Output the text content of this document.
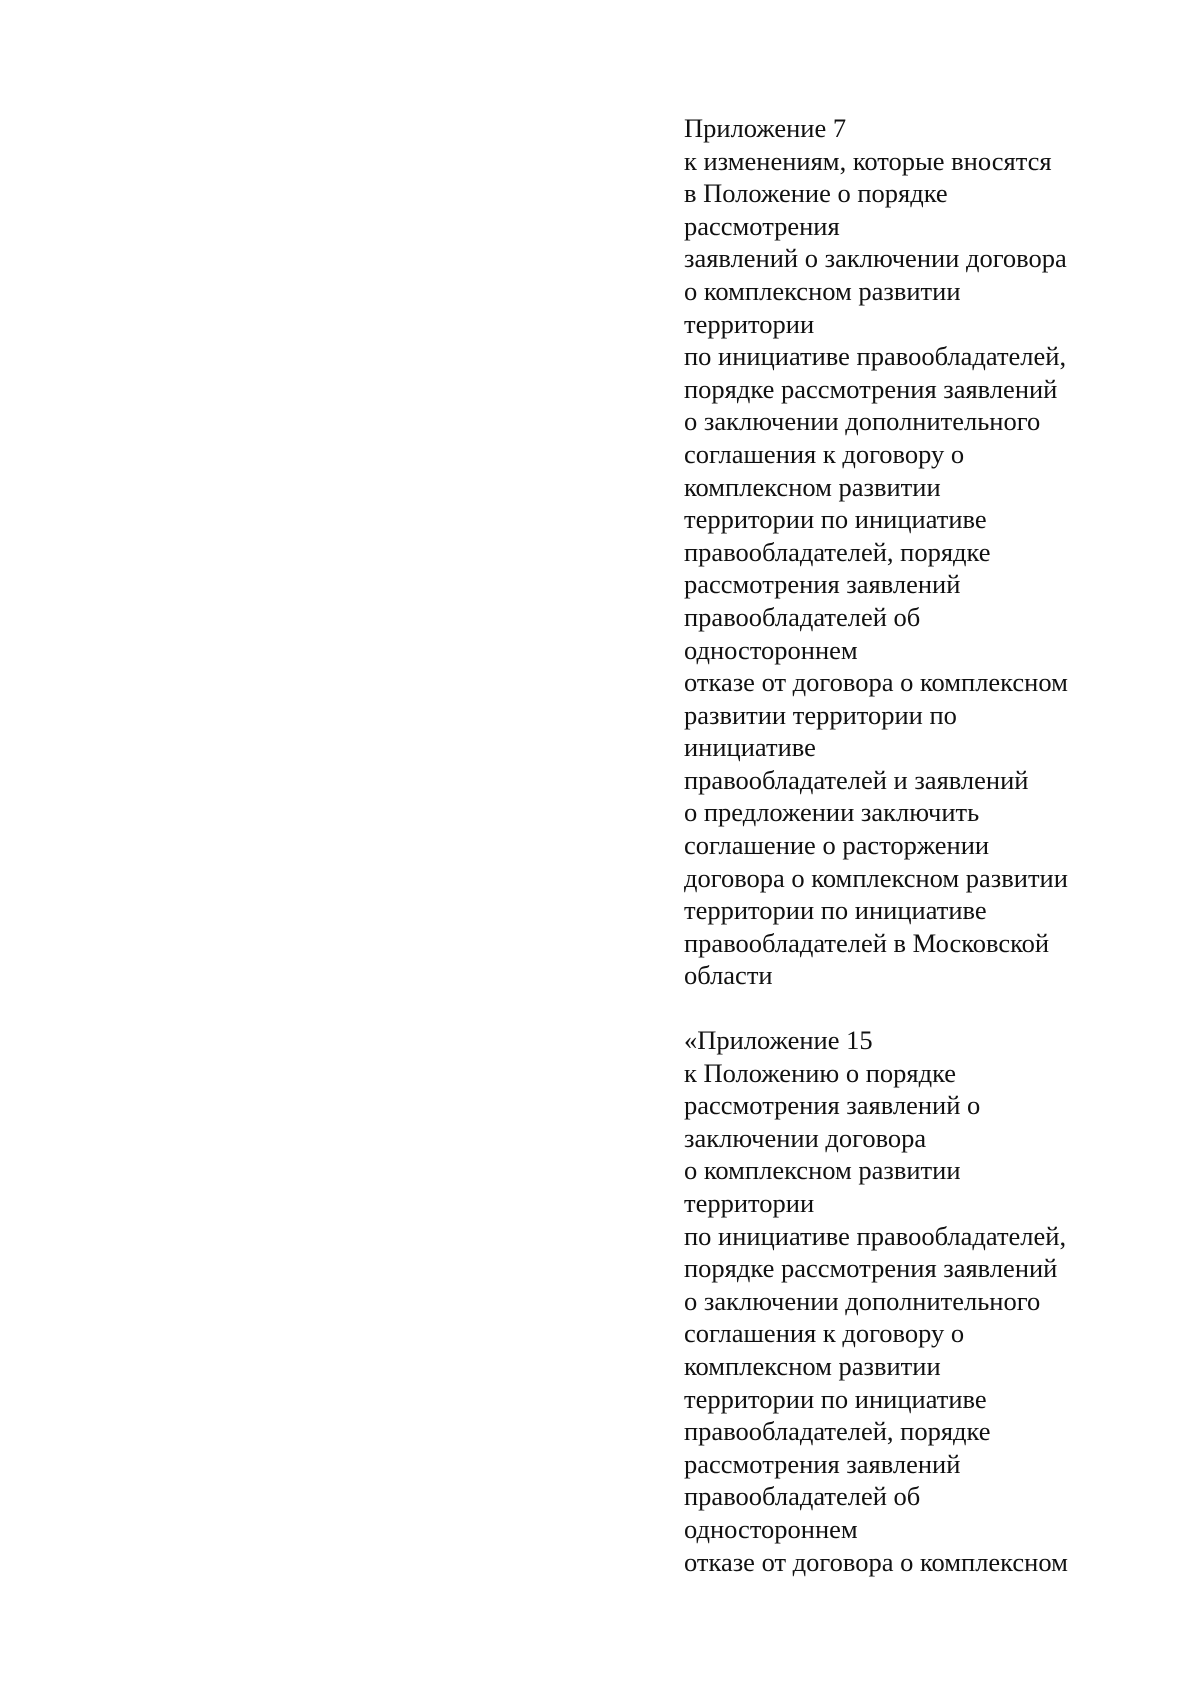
Приложение 7
к изменениям, которые вносятся
в Положение о порядке
рассмотрения
заявлений о заключении договора
о комплексном развитии
территории
по инициативе правообладателей,
порядке рассмотрения заявлений
о заключении дополнительного
соглашения к договору о
комплексном развитии
территории по инициативе
правообладателей, порядке
рассмотрения заявлений
правообладателей об
одностороннем
отказе от договора о комплексном
развитии территории по
инициативе
правообладателей и заявлений
о предложении заключить
соглашение о расторжении
договора о комплексном развитии
территории по инициативе
правообладателей в Московской
области
«Приложение 15
к Положению о порядке
рассмотрения заявлений о
заключении договора
о комплексном развитии
территории
по инициативе правообладателей,
порядке рассмотрения заявлений
о заключении дополнительного
соглашения к договору о
комплексном развитии
территории по инициативе
правообладателей, порядке
рассмотрения заявлений
правообладателей об
одностороннем
отказе от договора о комплексном
